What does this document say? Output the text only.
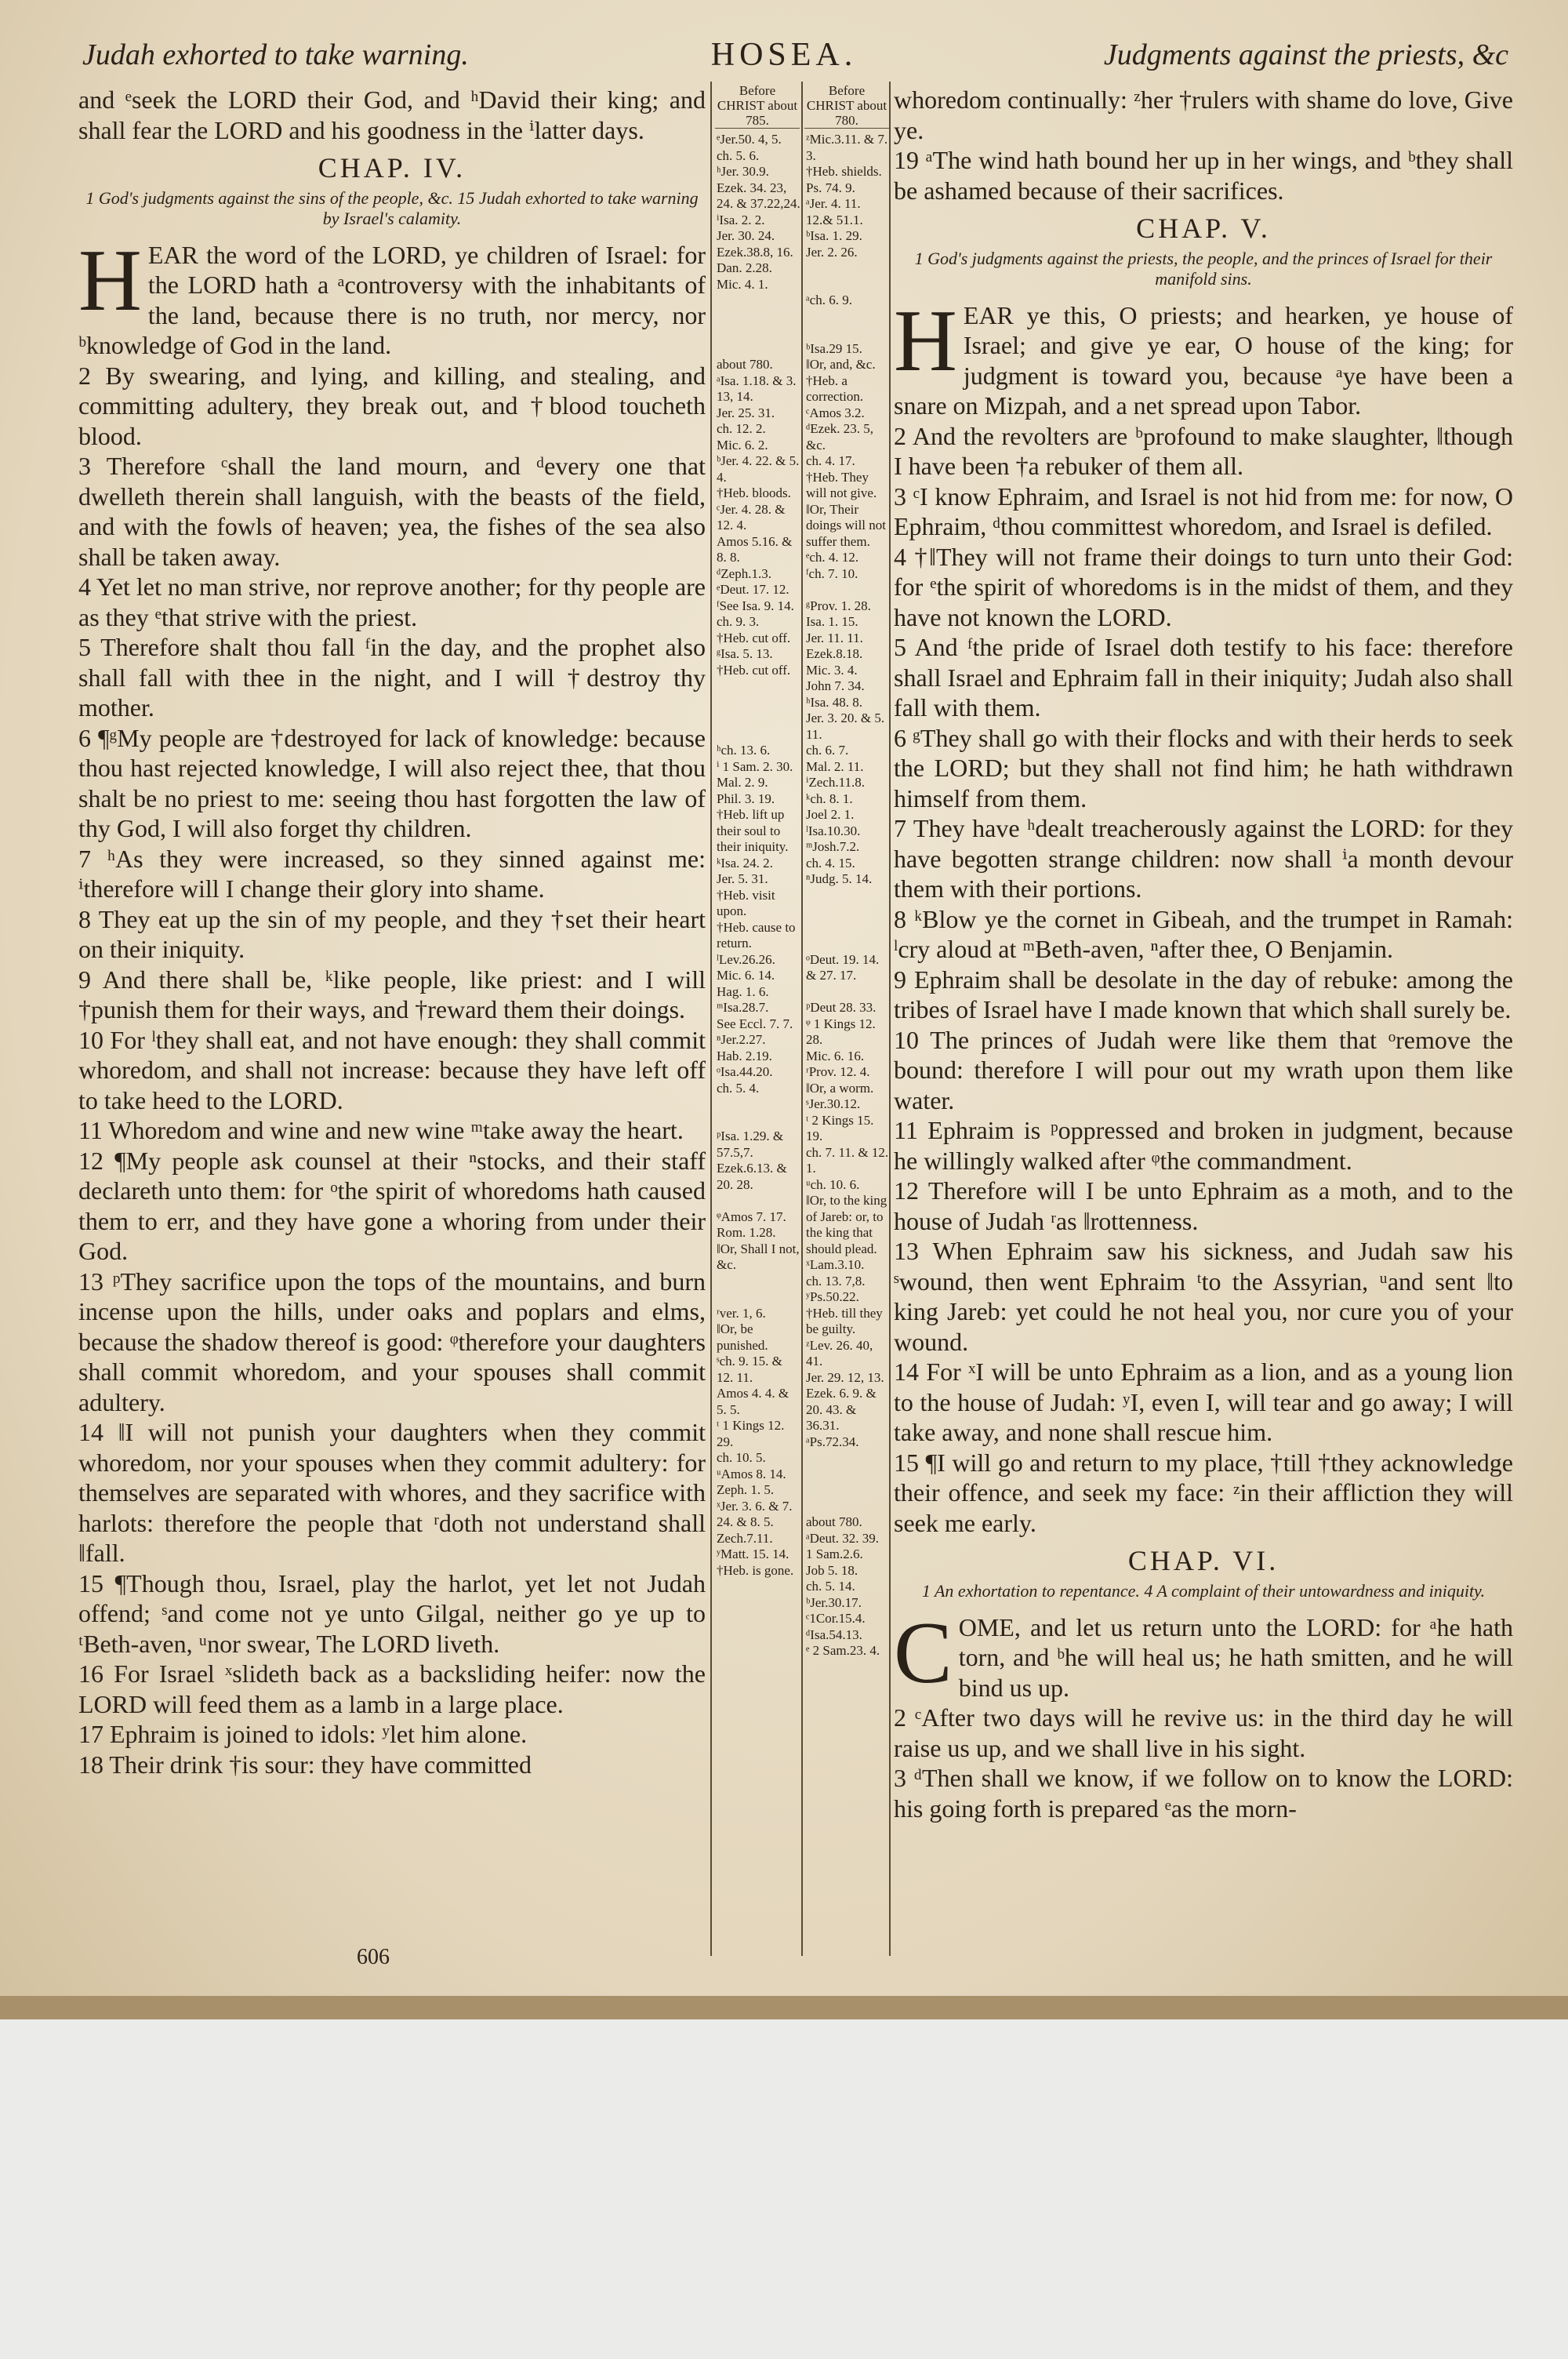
Judah exhorted to take warning.	HOSEA.	Judgments against the priests, &c

and ᵉseek the LORD their God, and ʰDavid their king; and shall fear the LORD and his goodness in the ⁱlatter days.

CHAP. IV.
1 God's judgments against the sins of the people, &c. 15 Judah exhorted to take warning by Israel's calamity.

HEAR the word of the LORD, ye children of Israel: for the LORD hath a ᵃcontroversy with the inhabitants of the land, because there is no truth, nor mercy, nor ᵇknowledge of God in the land.

2 By swearing, and lying, and killing, and stealing, and committing adultery, they break out, and †blood toucheth blood.

3 Therefore ᶜshall the land mourn, and ᵈevery one that dwelleth therein shall languish, with the beasts of the field, and with the fowls of heaven; yea, the fishes of the sea also shall be taken away.

4 Yet let no man strive, nor reprove another; for thy people are as they ᵉthat strive with the priest.

5 Therefore shalt thou fall ᶠin the day, and the prophet also shall fall with thee in the night, and I will †destroy thy mother.

6 ¶ᵍMy people are †destroyed for lack of knowledge: because thou hast rejected knowledge, I will also reject thee, that thou shalt be no priest to me: seeing thou hast forgotten the law of thy God, I will also forget thy children.

7 ʰAs they were increased, so they sinned against me: ⁱtherefore will I change their glory into shame.

8 They eat up the sin of my people, and they †set their heart on their iniquity.

9 And there shall be, ᵏlike people, like priest: and I will †punish them for their ways, and †reward them their doings.

10 For ˡthey shall eat, and not have enough: they shall commit whoredom, and shall not increase: because they have left off to take heed to the LORD.

11 Whoredom and wine and new wine ᵐtake away the heart.

12 ¶My people ask counsel at their ⁿstocks, and their staff declareth unto them: for ᵒthe spirit of whoredoms hath caused them to err, and they have gone a whoring from under their God.

13 ᵖThey sacrifice upon the tops of the mountains, and burn incense upon the hills, under oaks and poplars and elms, because the shadow thereof is good: ᵠtherefore your daughters shall commit whoredom, and your spouses shall commit adultery.

14 ‖I will not punish your daughters when they commit whoredom, nor your spouses when they commit adultery: for themselves are separated with whores, and they sacrifice with harlots: therefore the people that ʳdoth not understand shall ‖fall.

15 ¶Though thou, Israel, play the harlot, yet let not Judah offend; ˢand come not ye unto Gilgal, neither go ye up to ᵗBeth-aven, ᵘnor swear, The LORD liveth.

16 For Israel ˣslideth back as a backsliding heifer: now the LORD will feed them as a lamb in a large place.

17 Ephraim is joined to idols: ʸlet him alone.

18 Their drink †is sour: they have committed

Before CHRIST about 785.
Before CHRIST about 780.
ᵉJer.50. 4, 5.
ch. 5. 6.
ʰJer. 30.9.
Ezek. 34. 23, 24. & 37.22,24.
ⁱIsa. 2. 2.
Jer. 30. 24.
Ezek.38.8, 16.
Dan. 2.28.
Mic. 4. 1.

about 780.
ᵃIsa. 1.18. & 3. 13, 14.
Jer. 25. 31.
ch. 12. 2.
Mic. 6. 2.
ᵇJer. 4. 22. & 5. 4.
†Heb. bloods.
ᶜJer. 4. 28. & 12. 4.
Amos 5.16. & 8. 8.
ᵈZeph.1.3.
ᵉDeut. 17. 12.
ᶠSee Isa. 9. 14.
ch. 9. 3.
†Heb. cut off.
ᵍIsa. 5. 13.
†Heb. cut off.

ʰch. 13. 6.
ⁱ 1 Sam. 2. 30.
Mal. 2. 9.
Phil. 3. 19.
†Heb. lift up their soul to their iniquity.
ᵏIsa. 24. 2.
Jer. 5. 31.
†Heb. visit upon.
†Heb. cause to return.
ˡLev.26.26.
Mic. 6. 14.
Hag. 1. 6.
ᵐIsa.28.7.
See Eccl. 7. 7.
ⁿJer.2.27.
Hab. 2.19.
ᵒIsa.44.20.
ch. 5. 4.

ᵖIsa. 1.29. & 57.5,7.
Ezek.6.13. & 20. 28.

ᵠAmos 7. 17.
Rom. 1.28.
‖Or, Shall I not, &c.

ʳver. 1, 6.
‖Or, be punished.
ˢch. 9. 15. & 12. 11.
Amos 4. 4. & 5. 5.
ᵗ 1 Kings 12. 29.
ch. 10. 5.
ᵘAmos 8. 14.
Zeph. 1. 5.
ˣJer. 3. 6. & 7. 24. & 8. 5.
Zech.7.11.
ʸMatt. 15. 14.
†Heb. is gone.
ᶻMic.3.11. & 7. 3.
†Heb. shields.
Ps. 74. 9.
ᵃJer. 4. 11. 12.& 51.1.
ᵇIsa. 1. 29.
Jer. 2. 26.

ᵃch. 6. 9.

ᵇIsa.29 15.
‖Or, and, &c.
†Heb. a correction.
ᶜAmos 3.2.
ᵈEzek. 23. 5, &c.
ch. 4. 17.
†Heb. They will not give.
‖Or, Their doings will not suffer them.
ᵉch. 4. 12.
ᶠch. 7. 10.

ᵍProv. 1. 28.
Isa. 1. 15.
Jer. 11. 11.
Ezek.8.18.
Mic. 3. 4.
John 7. 34.
ʰIsa. 48. 8.
Jer. 3. 20. & 5. 11.
ch. 6. 7.
Mal. 2. 11.
ⁱZech.11.8.
ᵏch. 8. 1.
Joel 2. 1.
ˡIsa.10.30.
ᵐJosh.7.2.
ch. 4. 15.
ⁿJudg. 5. 14.

ᵒDeut. 19. 14. & 27. 17.

ᵖDeut 28. 33.
ᵠ 1 Kings 12. 28.
Mic. 6. 16.
ʳProv. 12. 4.
‖Or, a worm.
ˢJer.30.12.
ᵗ 2 Kings 15. 19.
ch. 7. 11. & 12. 1.
ᵘch. 10. 6.
‖Or, to the king of Jareb: or, to the king that should plead.
ˣLam.3.10.
ch. 13. 7,8.
ʸPs.50.22.
†Heb. till they be guilty.
ᶻLev. 26. 40, 41.
Jer. 29. 12, 13.
Ezek. 6. 9. & 20. 43. & 36.31.
ᵃPs.72.34.

about 780.
ᵃDeut. 32. 39.
1 Sam.2.6.
Job 5. 18.
ch. 5. 14.
ᵇJer.30.17.
ᶜ1Cor.15.4.
ᵈIsa.54.13.
ᵉ 2 Sam.23. 4.

whoredom continually: ᶻher †rulers with shame do love, Give ye.

19 ᵃThe wind hath bound her up in her wings, and ᵇthey shall be ashamed because of their sacrifices.

CHAP. V.
1 God's judgments against the priests, the people, and the princes of Israel for their manifold sins.

HEAR ye this, O priests; and hearken, ye house of Israel; and give ye ear, O house of the king; for judgment is toward you, because ᵃye have been a snare on Mizpah, and a net spread upon Tabor.

2 And the revolters are ᵇprofound to make slaughter, ‖though I have been †a rebuker of them all.

3 ᶜI know Ephraim, and Israel is not hid from me: for now, O Ephraim, ᵈthou committest whoredom, and Israel is defiled.

4 †‖They will not frame their doings to turn unto their God: for ᵉthe spirit of whoredoms is in the midst of them, and they have not known the LORD.

5 And ᶠthe pride of Israel doth testify to his face: therefore shall Israel and Ephraim fall in their iniquity; Judah also shall fall with them.

6 ᵍThey shall go with their flocks and with their herds to seek the LORD; but they shall not find him; he hath withdrawn himself from them.

7 They have ʰdealt treacherously against the LORD: for they have begotten strange children: now shall ⁱa month devour them with their portions.

8 ᵏBlow ye the cornet in Gibeah, and the trumpet in Ramah: ˡcry aloud at ᵐBeth-aven, ⁿafter thee, O Benjamin.

9 Ephraim shall be desolate in the day of rebuke: among the tribes of Israel have I made known that which shall surely be.

10 The princes of Judah were like them that ᵒremove the bound: therefore I will pour out my wrath upon them like water.

11 Ephraim is ᵖoppressed and broken in judgment, because he willingly walked after ᵠthe commandment.

12 Therefore will I be unto Ephraim as a moth, and to the house of Judah ʳas ‖rottenness.

13 When Ephraim saw his sickness, and Judah saw his ˢwound, then went Ephraim ᵗto the Assyrian, ᵘand sent ‖to king Jareb: yet could he not heal you, nor cure you of your wound.

14 For ˣI will be unto Ephraim as a lion, and as a young lion to the house of Judah: ʸI, even I, will tear and go away; I will take away, and none shall rescue him.

15 ¶I will go and return to my place, †till †they acknowledge their offence, and seek my face: ᶻin their affliction they will seek me early.

CHAP. VI.
1 An exhortation to repentance. 4 A complaint of their untowardness and iniquity.

COME, and let us return unto the LORD: for ᵃhe hath torn, and ᵇhe will heal us; he hath smitten, and he will bind us up.

2 ᶜAfter two days will he revive us: in the third day he will raise us up, and we shall live in his sight.

3 ᵈThen shall we know, if we follow on to know the LORD: his going forth is prepared ᵉas the morn-

606
